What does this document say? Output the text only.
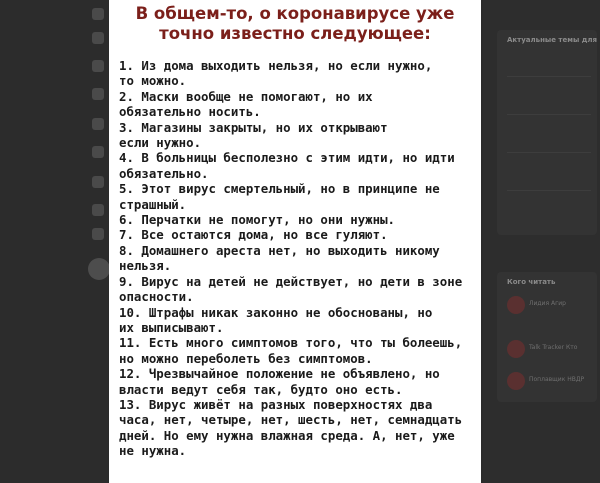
В общем-то, о коронавирусе уже
точно известно следующее:
1. Из дома выходить нельзя, но если нужно,
то можно.
2. Маски вообще не помогают, но их
обязательно носить.
3. Магазины закрыты, но их открывают
если нужно.
4. В больницы бесполезно с этим идти, но идти
обязательно.
5. Этот вирус смертельный, но в принципе не
страшный.
6. Перчатки не помогут, но они нужны.
7. Все остаются дома, но все гуляют.
8. Домашнего ареста нет, но выходить никому
нельзя.
9. Вирус на детей не действует, но дети в зоне
опасности.
10. Штрафы никак законно не обоснованы, но
их выписывают.
11. Есть много симптомов того, что ты болеешь,
но можно переболеть без симптомов.
12. Чрезвычайное положение не объявлено, но
власти ведут себя так, будто оно есть.
13. Вирус живёт на разных поверхностях два
часа, нет, четыре, нет, шесть, нет, семнадцать
дней. Но ему нужна влажная среда. А, нет, уже
не нужна.
Актуальные темы для
Кого читать
Лидия Агир
Talk Tracker Кто
Поплавщик НВДР
